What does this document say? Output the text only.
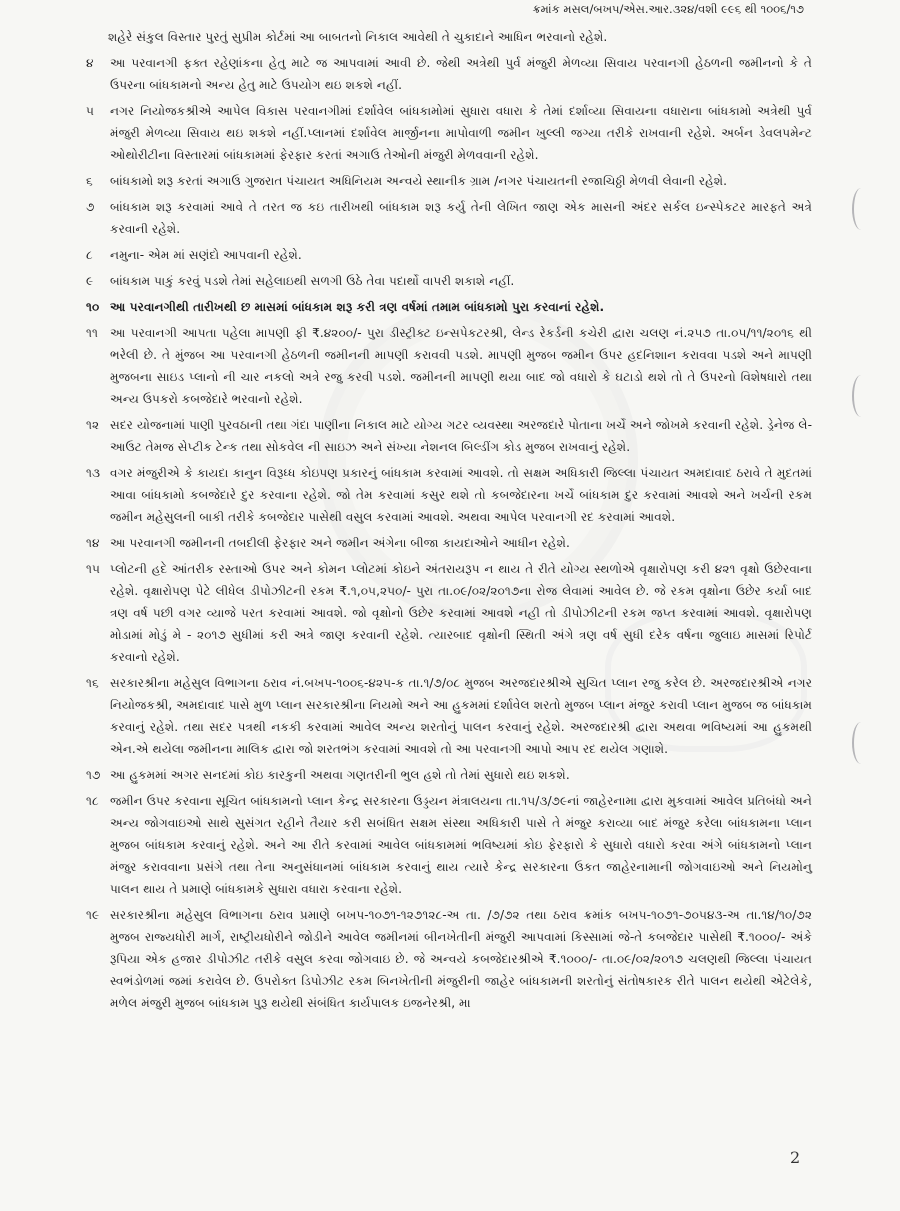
ક્રમાંક મસલ/બખપ/એસ.આર.૩૨૪/વશી ૯૯૬ થી ૧૦૦૬/૧૭

શહેરે સંકુલ વિસ્તાર પુરતું સુપ્રીમ કોર્ટમાં આ બાબતનો નિકાલ આવેથી તે ચુકાદાને આધિન ભરવાનો રહેશે.

૪	આ પરવાનગી ફક્ત રહેણાંકના હેતુ માટે જ આપવામાં આવી છે. જેથી અત્રેથી પુર્વ મંજુરી મેળવ્યા સિવાય પરવાનગી હેઠળની જમીનનો કે તે ઉપરના બાંધકામનો અન્ય હેતુ માટે ઉપયોગ થઇ શકશે નહીં.
૫	નગર નિયોજકશ્રીએ આપેલ વિકાસ પરવાનગીમાં દર્શાવેલ બાંધકામોમાં સુધારા વધારા કે તેમાં દર્શાવ્યા સિવાયના વધારાના બાંધકામો અત્રેથી પુર્વ મંજુરી મેળવ્યા સિવાય થઇ શકશે નહીં.પ્લાનમાં દર્શાવેલ માર્જીનના માપોવાળી જમીન ખુલ્લી જગ્યા તરીકે રાખવાની રહેશે. અર્બન ડેવલપમેન્ટ ઓથોરીટીના વિસ્તારમાં બાંધકામમાં ફેરફાર કરતાં અગાઉ તેઓની મંજુરી મેળવવાની રહેશે.
૬	બાંધકામો શરૂ કરતાં અગાઉ ગુજરાત પંચાયત અધિનિયમ અન્વયે સ્થાનીક ગ્રામ /નગર પંચાયતની રજાચિઠ્ઠી મેળવી લેવાની રહેશે.
૭	બાંધકામ શરૂ કરવામાં આવે તે તરત જ કઇ તારીખથી બાંધકામ શરૂ કર્યુ તેની લેખિત જાણ એક માસની અંદર સર્કલ ઇન્સ્પેકટર મારફતે અત્રે કરવાની રહેશે.
૮	નમુના- એમ માં સણંદો આપવાની રહેશે.
૯	બાંધકામ પાકું કરવું પડશે તેમાં સહેલાઇથી સળગી ઉઠે તેવા પદાર્થો વાપરી શકાશે નહીં.
૧૦ આ પરવાનગીથી તારીખથી છ માસમાં બાંધકામ શરૂ કરી ત્રણ વર્ષમાં તમામ બાંધકામો પુરા કરવાનાં રહેશે.
૧૧ આ પરવાનગી આપતા પહેલા માપણી ફી ₹.૪૨૦૦/- પુરા ડીસ્ટ્રીક્ટ ઇન્સપેકટરશ્રી, લેન્ડ રેકર્ડની કચેરી દ્વારા ચલણ નં.૨૫૭ તા.૦૫/૧૧/૨૦૧૬ થી ભરેલી છે. તે મુંજબ આ પરવાનગી હેઠળની જમીનની માપણી કરાવવી પડશે. માપણી મુજબ જમીન ઉપર હદનિશાન કરાવવા પડશે અને માપણી મુજબના સાઇડ પ્લાનો ની ચાર નકલો અત્રે રજુ કરવી પડશે. જમીનની માપણી થયા બાદ જો વધારો કે ઘટાડો થશે તો તે ઉપરનો વિશેષધારો તથા અન્ય ઉપકરો કબજેદારે ભરવાનો રહેશે.
૧૨ સદર યોજનામાં પાણી પુરવઠાની તથા ગંદા પાણીના નિકાલ માટે યોગ્ય ગટર વ્યવસ્થા અરજદારે પોતાના ખર્ચે અને જોખમે કરવાની રહેશે. ડ્રેનેજ લે-આઉટ તેમજ સેપ્ટીક ટેન્ક તથા સોકવેલ ની સાઇઝ અને સંખ્યા નેશનલ બિલ્ડીંગ કોડ મુજબ રાખવાનું રહેશે.
૧૩ વગર મંજુરીએ કે કાયદા કાનુન વિરૂધ્ધ કોઇપણ પ્રકારનું બાંધકામ કરવામાં આવશે. તો સક્ષમ અધિકારી જિલ્લા પંચાયત અમદાવાદ ઠરાવે તે મુદતમાં આવા બાંધકામો કબજેદારે દુર કરવાના રહેશે. જો તેમ કરવામાં કસુર થશે તો કબજેદારના ખર્ચે બાંધકામ દુર કરવામાં આવશે અને ખર્ચની રકમ જમીન મહેસુલની બાકી તરીકે કબજેદાર પાસેથી વસુલ કરવામાં આવશે. અથવા આપેલ પરવાનગી રદ કરવામાં આવશે.
૧૪ આ પરવાનગી જમીનની તબદીલી ફેરફાર અને જમીન અંગેના બીજા કાયદાઓને આધીન રહેશે.
૧૫ પ્લોટની હદે આંતરીક રસ્તાઓ ઉપર અને કોમન પ્લોટમાં કોઇને અંતરાયરૂપ ન થાય તે રીતે યોગ્ય સ્થળોએ વૃક્ષારોપણ કરી ૪૨૧ વૃક્ષો ઉછેરવાના રહેશે. વૃક્ષારોપણ પેટે લીધેલ ડીપોઝીટની રકમ ₹.૧,૦૫,૨૫૦/- પુરા તા.૦૯/૦૨/૨૦૧૭ના રોજ લેવામાં આવેલ છે. જે રકમ વૃક્ષોના ઉછેર કર્યા બાદ ત્રણ વર્ષ પછી વગર વ્યાજે પરત કરવામાં આવશે. જો વૃક્ષોનો ઉછેર કરવામાં આવશે નહી તો ડીપોઝીટની રકમ જપ્ત કરવામાં આવશે. વૃક્ષારોપણ મોડામાં મોડું મે - ૨૦૧૭ સુધીમાં કરી અત્રે જાણ કરવાની રહેશે. ત્યારબાદ વૃક્ષોની સ્થિતી અંગે ત્રણ વર્ષ સુધી દરેક વર્ષના જુલાઇ માસમાં રિપોર્ટ કરવાનો રહેશે.
૧૬ સરકારશ્રીના મહેસુલ વિભાગના ઠરાવ નં.બખપ-૧૦૦૬-૪૨૫-ક તા.૧/૭/૦૮ મુજબ અરજદારશ્રીએ સુચિત પ્લાન રજુ કરેલ છે. અરજદારશ્રીએ નગર નિયોજકશ્રી, અમદાવાદ પાસે મુળ પ્લાન સરકારશ્રીના નિયમો અને આ હુકમમાં દર્શાવેલ શરતો મુજબ પ્લાન મંજુર કરાવી પ્લાન મુજબ જ બાંધકામ કરવાનું રહેશે. તથા સદર પત્રથી નકકી કરવામાં આવેલ અન્ય શરતોનું પાલન કરવાનું રહેશે. અરજદારશ્રી દ્વારા અથવા ભવિષ્યમાં આ હુકમથી એન.એ થયેલા જમીનના માલિક દ્વારા જો શરતભંગ કરવામાં આવશે તો આ પરવાનગી આપો આપ રદ થયેલ ગણાશે.
૧૭ આ હુકમમાં અગર સનદમાં કોઇ કારકુની અથવા ગણતરીની ભુલ હશે તો તેમાં સુધારો થઇ શકશે.
૧૮ જમીન ઉપર કરવાના સૂચિત બાંધકામનો પ્લાન કેન્દ્ર સરકારના ઉડ્ડયન મંત્રાલયના તા.૧૫/૩/૭૯નાં જાહેરનામા દ્વારા મુકવામાં આવેલ પ્રતિબંધો અને અન્ય જોગવાઇઓ સાથે સુસંગત રહીને તૈયાર કરી સબંધિત સક્ષમ સંસ્થા અધિકારી પાસે તે મંજુર કરાવ્યા બાદ મંજુર કરેલા બાંધકામના પ્લાન મુજબ બાંધકામ કરવાનું રહેશે. અને આ રીતે કરવામાં આવેલ બાંધકામમાં ભવિષ્યમાં કોઇ ફેરફારો કે સુધારો વધારો કરવા અંગે બાંધકામનો પ્લાન મંજુર કરાવવાના પ્રસંગે તથા તેના અનુસંધાનમાં બાંધકામ કરવાનું થાય ત્યારે કેન્દ્ર સરકારના ઉકત જાહેરનામાની જોગવાઇઓ અને નિયમોનુ પાલન થાય તે પ્રમાણે બાંધકામકે સુધારા વધારા કરવાના રહેશે.
૧૯ સરકારશ્રીના મહેસુલ વિભાગના ઠરાવ પ્રમાણે બખપ-૧૦૭૧-૧૨૭૧૨૮-અ તા. /૭/૭૨ તથા ઠરાવ ક્રમાંક બખપ-૧૦૭૧-૭૦૫૪૩-અ તા.૧૪/૧૦/૭૨ મુજબ રાજ્યધોરી માર્ગ, રાષ્ટ્રીયધોરીને જોડીને આવેલ જમીનમાં બીનખેતીની મંજુરી આપવામાં કિસ્સામાં જે-તે કબજેદાર પાસેથી ₹.૧૦૦૦/- અંકે રૂપિયા એક હજાર ડીપોઝીટ તરીકે વસુલ કરવા જોગવાઇ છે. જે અન્વયે કબજેદારશ્રીએ ₹.૧૦૦૦/- તા.૦૯/૦૨/૨૦૧૭ ચલણથી જિલ્લા પંચાયત સ્વભંડોળમાં જમાં કરાવેલ છે. ઉપરોક્ત ડિપોઝીટ રકમ બિનખેતીની મંજુરીની જાહેર બાંધકામની શરતોનું સંતોષકારક રીતે પાલન થયેથી એટેલેકે, મળેલ મંજુરી મુજબ બાંધકામ પુરૂ થયેથી સંબંધિત કાર્યપાલક ઇજનેરશ્રી, મા
2
